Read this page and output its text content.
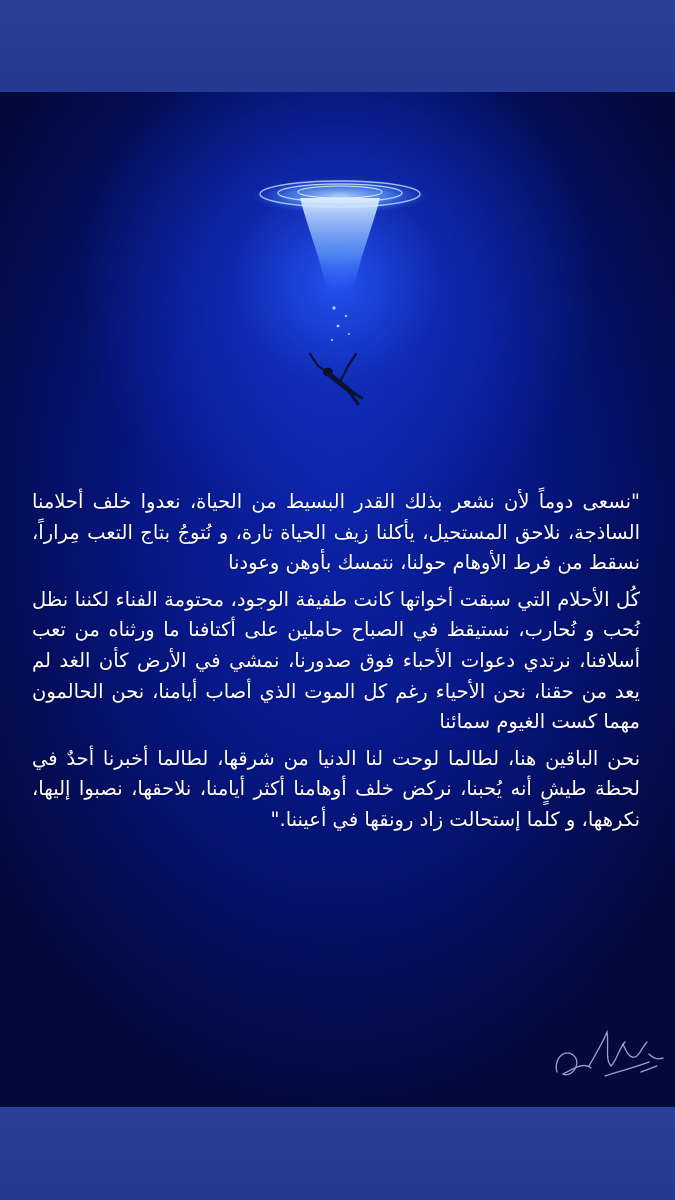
"نسعى دوماً لأن نشعر بذلك القدر البسيط من الحياة، نعدوا خلف أحلامنا الساذجة، نلاحق المستحيل، يأكلنا زيف الحياة تارة، و نُتوجُ بتاج التعب مِراراً، نسقط من فرط الأوهام حولنا، نتمسك بأوهن وعودنا

كُل الأحلام التي سبقت أخواتها كانت طفيفة الوجود، محتومة الفناء لكننا نظل نُحب و نُحارب، نستيقظ في الصباح حاملين على أكتافنا ما ورثناه من تعب أسلافنا، نرتدي دعوات الأحباء فوق صدورنا، نمشي في الأرض كأن الغد لم يعد من حقنا، نحن الأحياء رغم كل الموت الذي أصاب أيامنا، نحن الحالمون مهما كست الغيوم سمائنا

نحن الباقين هنا، لطالما لوحت لنا الدنيا من شرقها، لطالما أخبرنا أحدٌ في لحظة طيشٍ أنه يُحبنا، نركض خلف أوهامنا أكثر أيامنا، نلاحقها، نصبوا إليها، نكرهها، و كلما إستحالت زاد رونقها في أعيننا."
